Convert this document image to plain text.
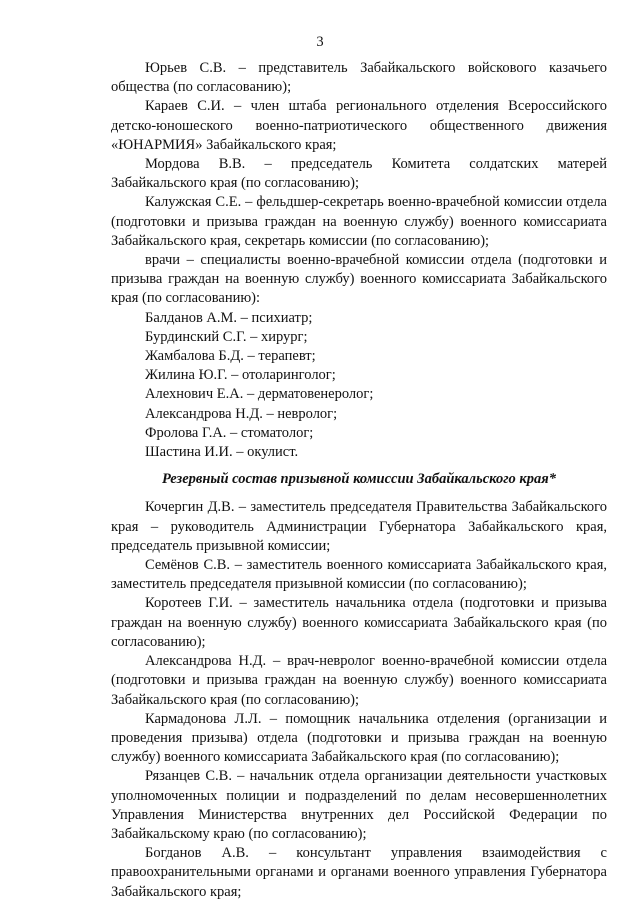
3

Юрьев С.В. – представитель Забайкальского войскового казачьего общества (по согласованию);

Караев С.И. – член штаба регионального отделения Всероссийского детско-юношеского военно-патриотического общественного движения «ЮНАРМИЯ» Забайкальского края;

Мордова В.В. – председатель Комитета солдатских матерей Забайкальского края (по согласованию);

Калужская С.Е. – фельдшер-секретарь военно-врачебной комиссии отдела (подготовки и призыва граждан на военную службу) военного комиссариата Забайкальского края, секретарь комиссии (по согласованию);

врачи – специалисты военно-врачебной комиссии отдела (подготовки и призыва граждан на военную службу) военного комиссариата Забайкальского края (по согласованию):

Балданов А.М. – психиатр;

Бурдинский С.Г. – хирург;

Жамбалова Б.Д. – терапевт;

Жилина Ю.Г. – отоларинголог;

Алехнович Е.А. – дерматовенеролог;

Александрова Н.Д. – невролог;

Фролова Г.А. – стоматолог;

Шастина И.И. – окулист.

Резервный состав призывной комиссии Забайкальского края*

Кочергин Д.В. – заместитель председателя Правительства Забайкальского края – руководитель Администрации Губернатора Забайкальского края, председатель призывной комиссии;

Семёнов С.В. – заместитель военного комиссариата Забайкальского края, заместитель председателя призывной комиссии (по согласованию);

Коротеев Г.И. – заместитель начальника отдела (подготовки и призыва граждан на военную службу) военного комиссариата Забайкальского края (по согласованию);

Александрова Н.Д. – врач-невролог военно-врачебной комиссии отдела (подготовки и призыва граждан на военную службу) военного комиссариата Забайкальского края (по согласованию);

Кармадонова Л.Л. – помощник начальника отделения (организации и проведения призыва) отдела (подготовки и призыва граждан на военную службу) военного комиссариата Забайкальского края (по согласованию);

Рязанцев С.В. – начальник отдела организации деятельности участковых уполномоченных полиции и подразделений по делам несовершеннолетних Управления Министерства внутренних дел Российской Федерации по Забайкальскому краю (по согласованию);

Богданов А.В. – консультант управления взаимодействия с правоохранительными органами и органами военного управления Губернатора Забайкальского края;
